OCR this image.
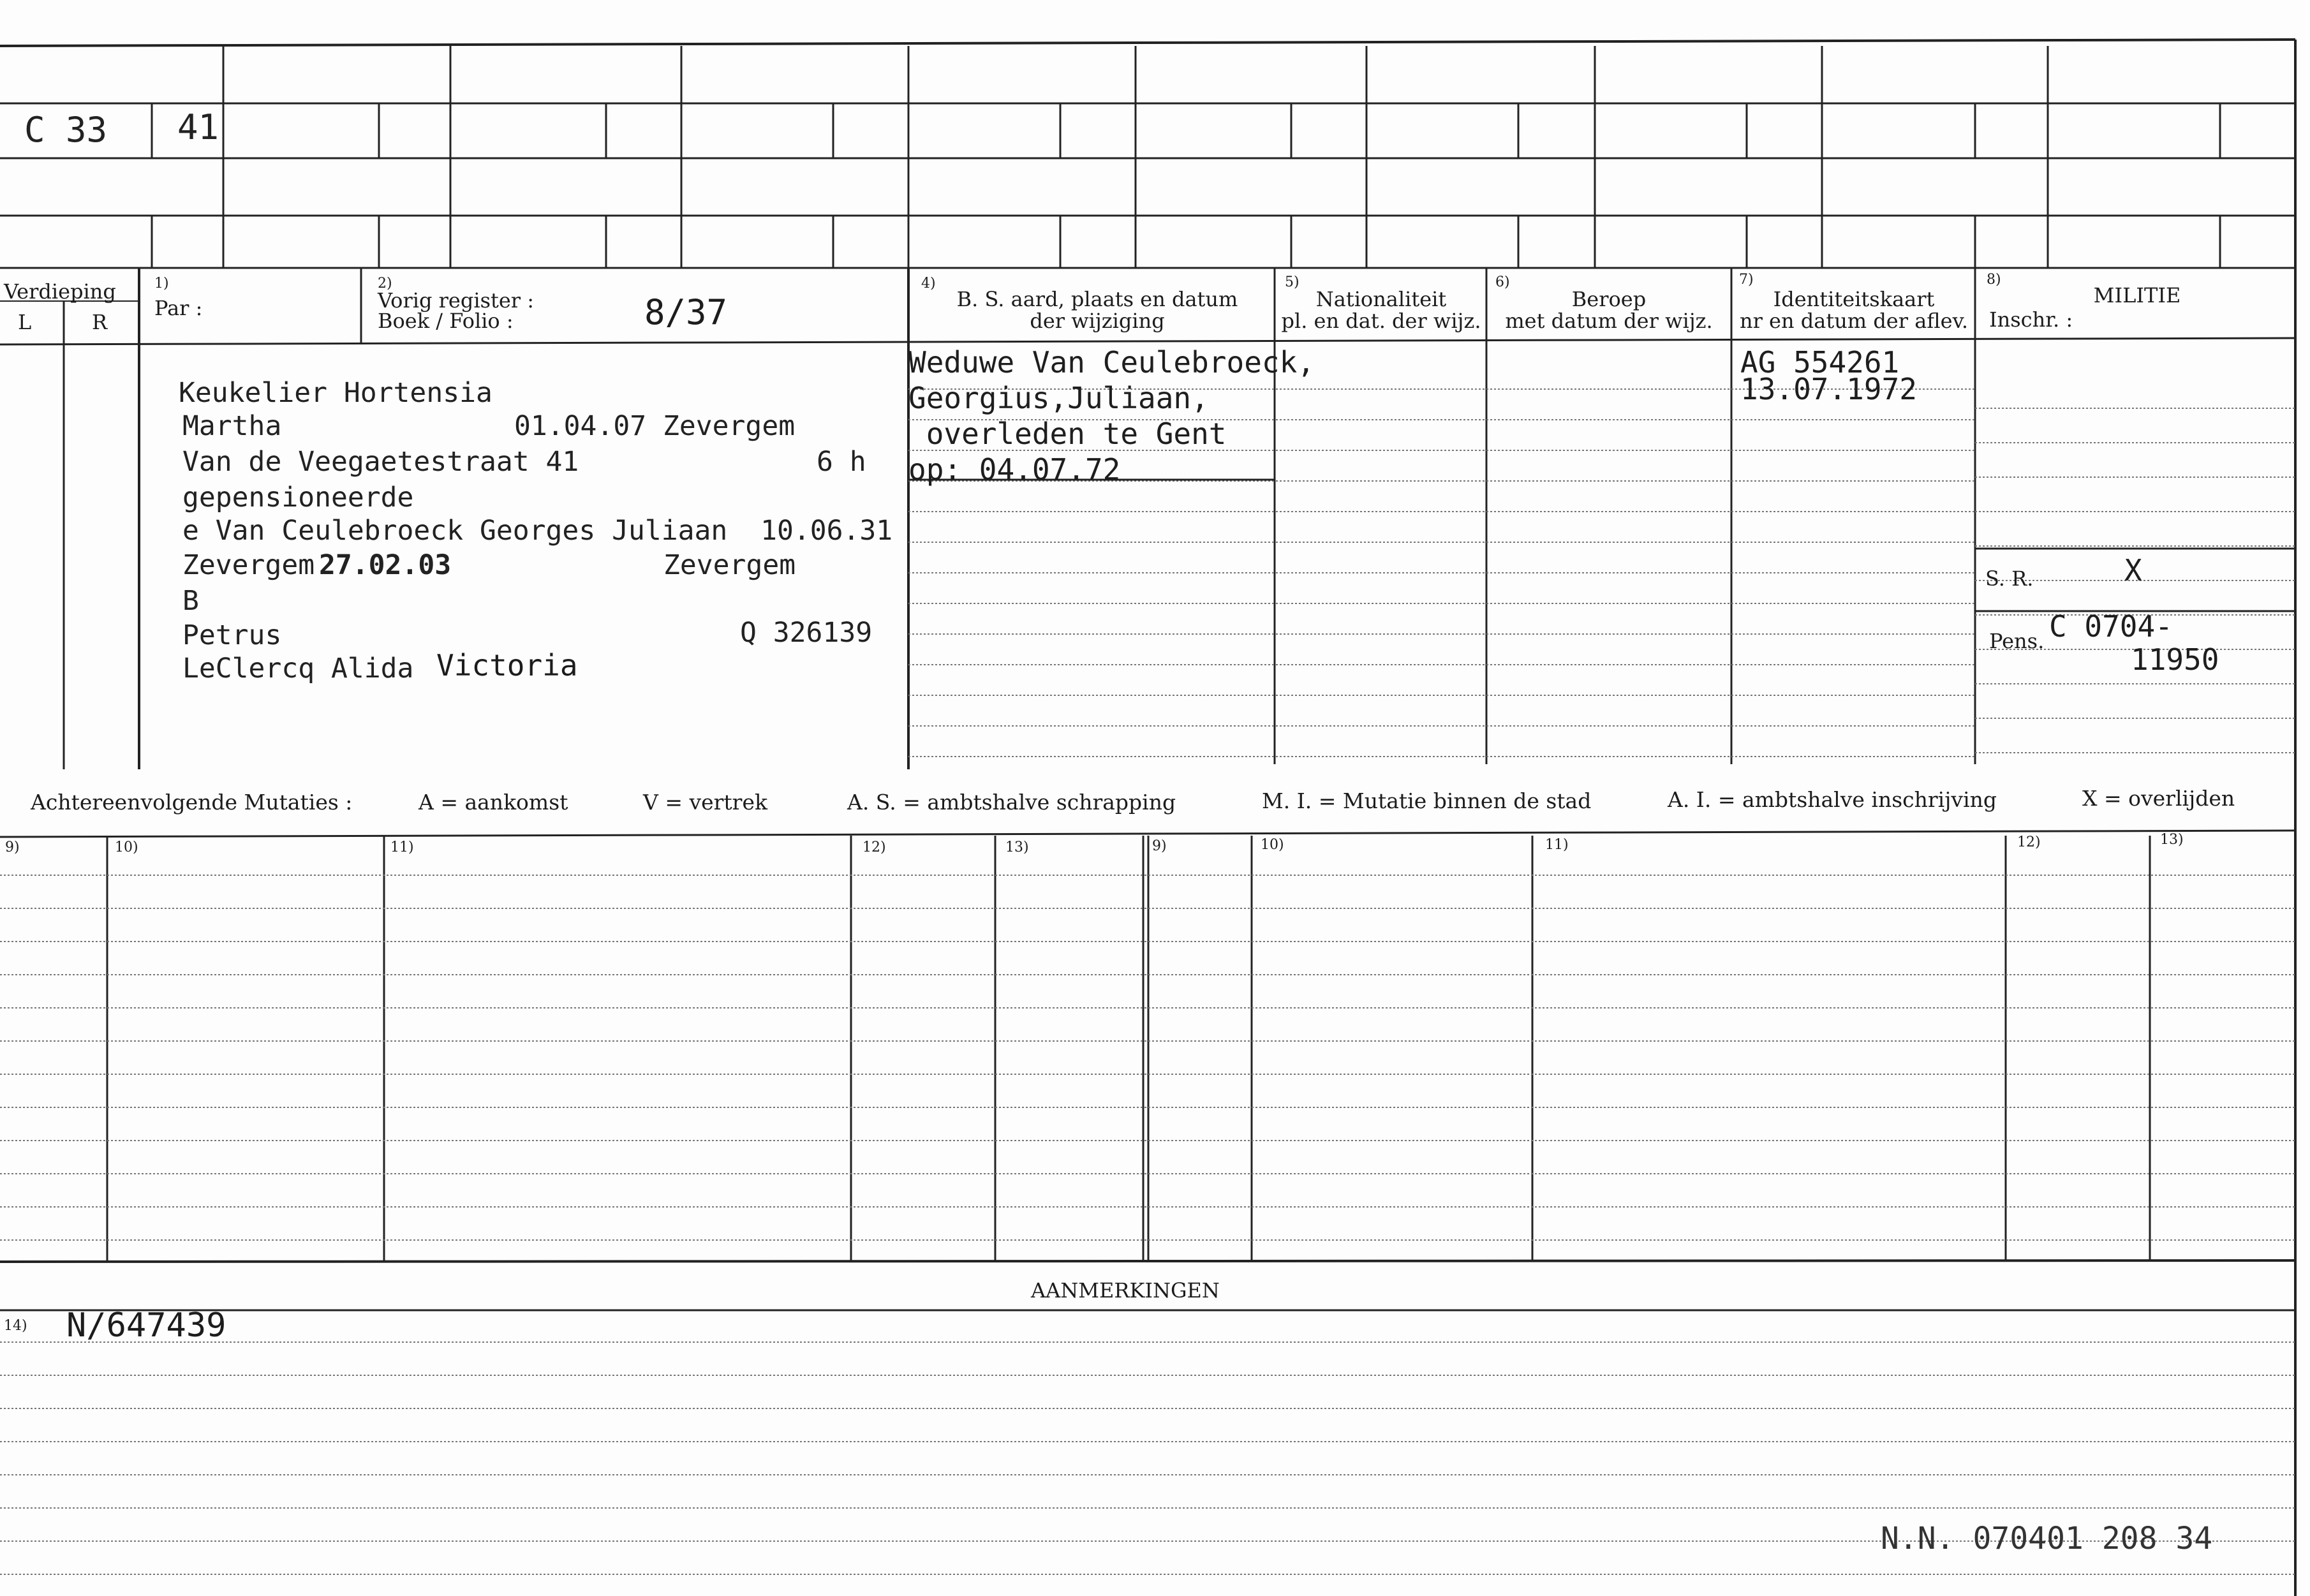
C 33 41
Verdieping
L	R
1)
Par :
2)
Vorig register :
Boek / Folio :	8/37
4)
B. S. aard, plaats en datum
der wijziging
5)
Nationaliteit
pl. en dat. der wijz.
6)
Beroep
met datum der wijz.
7)
Identiteitskaart
nr en datum der aflev.
8)
MILITIE
Inschr. :
Keukelier Hortensia
Martha	01.04.07 Zevergem
Van de Veegaetestraat 41	6 h
gepensioneerde
e Van Ceulebroeck Georges Juliaan  10.06.31
Zevergem 27.02.03	Zevergem
B
Petrus	Q 326139
LeClercq Alida Victoria
Weduwe Van Ceulebroeck,
Georgius,Juliaan,
overleden te Gent
op: 04.07.72
AG 554261
13.07.1972
S. R.	X
Pens. C 0704-
11950
Achtereenvolgende Mutaties :	A = aankomst	V = vertrek	A. S. = ambtshalve schrapping	M. I. = Mutatie binnen de stad	A. I. = ambtshalve inschrijving	X = overlijden
9)	10)	11)	12)	13)	9)	10)	11)	12)	13)
AANMERKINGEN
14) N/647439
N.N. 070401 208 34
